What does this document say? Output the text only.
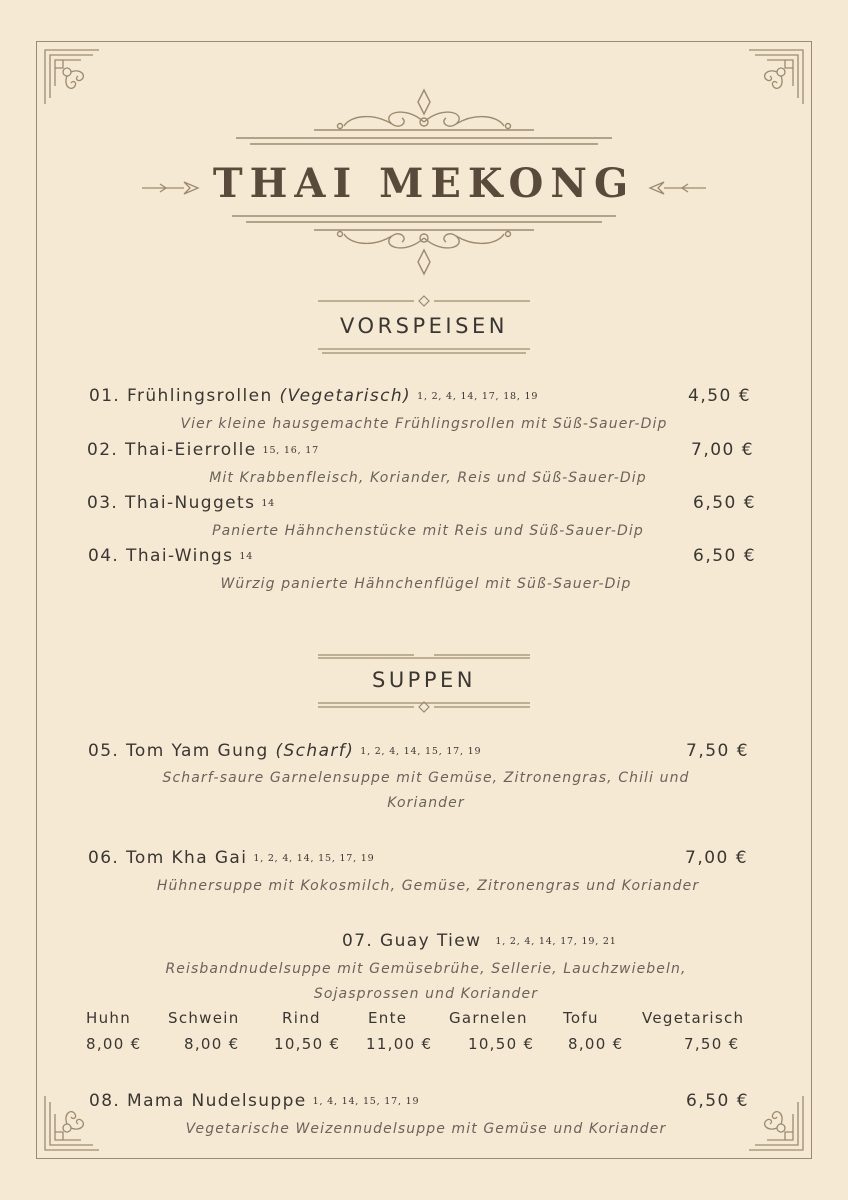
THAI MEKONG
VORSPEISEN
01. Frühlingsrollen (Vegetarisch) 1, 2, 4, 14, 17, 18, 19	4,50 €
Vier kleine hausgemachte Frühlingsrollen mit Süß-Sauer-Dip
02. Thai-Eierrolle 15, 16, 17	7,00 €
Mit Krabbenfleisch, Koriander, Reis und Süß-Sauer-Dip
03. Thai-Nuggets 14	6,50 €
Panierte Hähnchenstücke mit Reis und Süß-Sauer-Dip
04. Thai-Wings 14	6,50 €
Würzig panierte Hähnchenflügel mit Süß-Sauer-Dip
SUPPEN
05. Tom Yam Gung (Scharf) 1, 2, 4, 14, 15, 17, 19	7,50 €
Scharf-saure Garnelensuppe mit Gemüse, Zitronengras, Chili und
Koriander
06. Tom Kha Gai 1, 2, 4, 14, 15, 17, 19	7,00 €
Hühnersuppe mit Kokosmilch, Gemüse, Zitronengras und Koriander
07. Guay Tiew 1, 2, 4, 14, 17, 19, 21
Reisbandnudelsuppe mit Gemüsebrühe, Sellerie, Lauchzwiebeln,
Sojasprossen und Koriander
Huhn Schwein	Rind	Ente	Garnelen Tofu	Vegetarisch
8,00 €	8,00 € 10,50 € 11,00 € 10,50 € 8,00 €	7,50 €
08. Mama Nudelsuppe 1, 4, 14, 15, 17, 19	6,50 €
Vegetarische Weizennudelsuppe mit Gemüse und Koriander
